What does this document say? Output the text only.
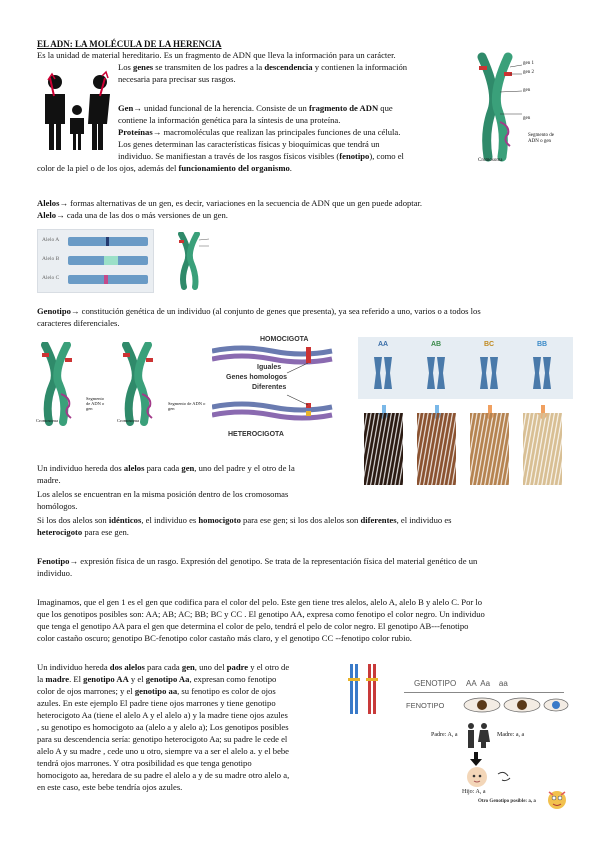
EL ADN: LA MOLÉCULA DE LA HERENCIA
Es la unidad de material hereditario. Es un fragmento de ADN que lleva la información para un carácter.
Los genes se transmiten de los padres a la descendencia y contienen la información
necesaria para precisar sus rasgos.
Gen→ unidad funcional de la herencia. Consiste de un fragmento de ADN que
contiene la información genética para la síntesis de una proteína.
Proteínas→ macromoléculas que realizan las principales funciones de una célula.
Los genes determinan las características físicas y bioquímicas que tendrá un
individuo. Se manifiestan a través de los rasgos físicos visibles (fenotipo), como el
color de la piel o de los ojos, además del funcionamiento del organismo.
gen 1
gen 2
gen
gen
Segmento de ADN o gen
Cromosoma
Alelos→ formas alternativas de un gen, es decir, variaciones en la secuencia de ADN que un gen puede adoptar.
Alelo→ cada una de las dos o más versiones de un gen.
Alelo A
Alelo B
Alelo C
Genotipo→ constitución genética de un individuo (al conjunto de genes que presenta), ya sea referido a uno, varios o a todos los
caracteres diferenciales.
Cromosoma
Segmento de ADN o gen
Cromosoma
Segmento de ADN o gen
HOMOCIGOTA
Iguales
Genes homologos
Diferentes
HETEROCIGOTA
AA	AB	BC	BB
Un individuo hereda dos alelos para cada gen, uno del padre y el otro de la
madre.
Los alelos se encuentran en la misma posición dentro de los cromosomas
homólogos.
Si los dos alelos son idénticos, el individuo es homocigoto para ese gen; si los dos alelos son diferentes, el individuo es
heterocigoto para ese gen.
Fenotipo→ expresión física de un rasgo. Expresión del genotipo. Se trata de la representación física del material genético de un
individuo.
Imaginamos, que el gen 1 es el gen que codifica para el color del pelo. Este gen tiene tres alelos, alelo A, alelo B y alelo C. Por lo
que los genotipos posibles son: AA; AB; AC; BB; BC y CC . El genotipo AA, expresa como fenotipo el color negro. Un individuo
que tenga el genotipo AA para el gen que determina el color de pelo, tendrá el pelo de color negro. El genotipo AB---fenotipo
color castaño oscuro; genotipo BC-fenotipo color castaño más claro, y el genotipo CC --fenotipo color rubio.
Un individuo hereda dos alelos para cada gen, uno del padre y el otro de
la madre. El genotipo AA y el genotipo Aa, expresan como fenotipo
color de ojos marrones; y el genotipo aa, su fenotipo es color de ojos
azules. En este ejemplo El padre tiene ojos marrones y tiene genotipo
heterocigoto Aa (tiene el alelo A y el alelo a) y la madre tiene ojos azules
, su genotipo es homocigoto aa (alelo a y alelo a); Los genotipos posibles
para su descendencia sería: genotipo heterocigoto Aa; su padre le cede el
alelo A y su madre , cede uno u otro, siempre va a ser el alelo a. y el bebe
tendrá ojos marrones. Y otra posibilidad es que tenga genotipo
homocigoto aa, heredara de su padre el alelo a y de su madre otro alelo a,
en este caso, este bebe tendría ojos azules.
GENOTIPO AA  Aa    aa
FENOTIPO
Padre: A, a	Madre: a, a
Hijo: A, a
Otro Genotipo posible: a, a
